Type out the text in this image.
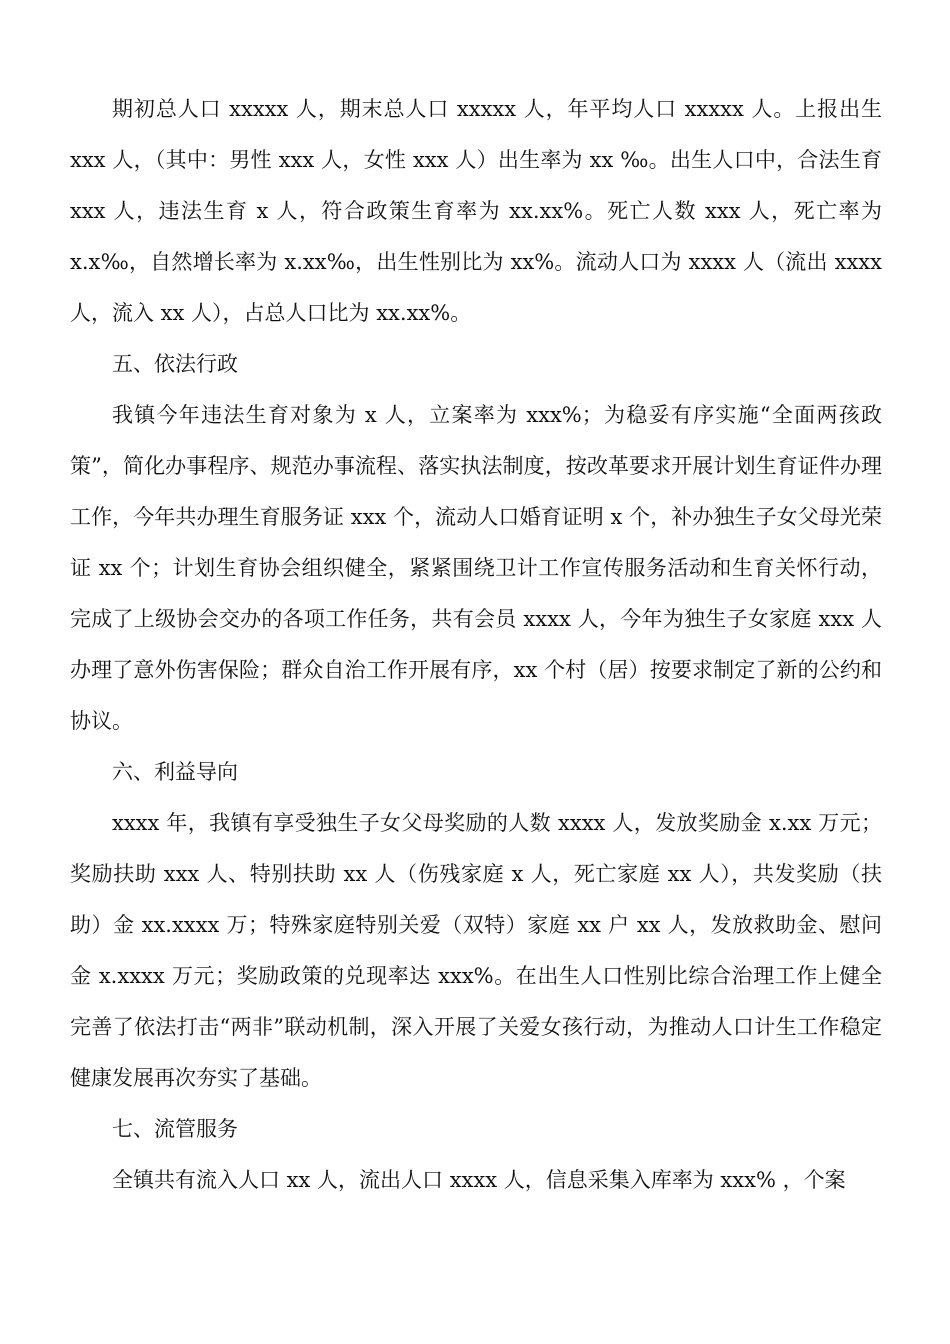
期初总人口 xxxxx 人，期末总人口 xxxxx 人，年平均人口 xxxxx 人。上报出生 xxx 人，（其中：男性 xxx 人，女性 xxx 人）出生率为 xx ‰。出生人口中，合法生育 xxx 人，违法生育 x 人，符合政策生育率为 xx.xx%。死亡人数 xxx 人，死亡率为 x.x‰，自然增长率为 x.xx‰，出生性别比为 xx%。流动人口为 xxxx 人（流出 xxxx 人，流入 xx 人），占总人口比为 xx.xx%。

五、依法行政

我镇今年违法生育对象为 x 人，立案率为 xxx%；为稳妥有序实施“全面两孩政策”，简化办事程序、规范办事流程、落实执法制度，按改革要求开展计划生育证件办理工作，今年共办理生育服务证 xxx 个，流动人口婚育证明 x 个，补办独生子女父母光荣证 xx 个；计划生育协会组织健全，紧紧围绕卫计工作宣传服务活动和生育关怀行动，完成了上级协会交办的各项工作任务，共有会员 xxxx 人，今年为独生子女家庭 xxx 人办理了意外伤害保险；群众自治工作开展有序，xx 个村（居）按要求制定了新的公约和协议。

六、利益导向

xxxx 年，我镇有享受独生子女父母奖励的人数 xxxx 人，发放奖励金 x.xx 万元；奖励扶助 xxx 人、特别扶助 xx 人（伤残家庭 x 人，死亡家庭 xx 人），共发奖励（扶助）金 xx.xxxx 万；特殊家庭特别关爱（双特）家庭 xx 户 xx 人，发放救助金、慰问金 x.xxxx 万元；奖励政策的兑现率达 xxx%。在出生人口性别比综合治理工作上健全完善了依法打击“两非”联动机制，深入开展了关爱女孩行动，为推动人口计生工作稳定健康发展再次夯实了基础。

七、流管服务

全镇共有流入人口 xx 人，流出人口 xxxx 人，信息采集入库率为 xxx% ，个案
